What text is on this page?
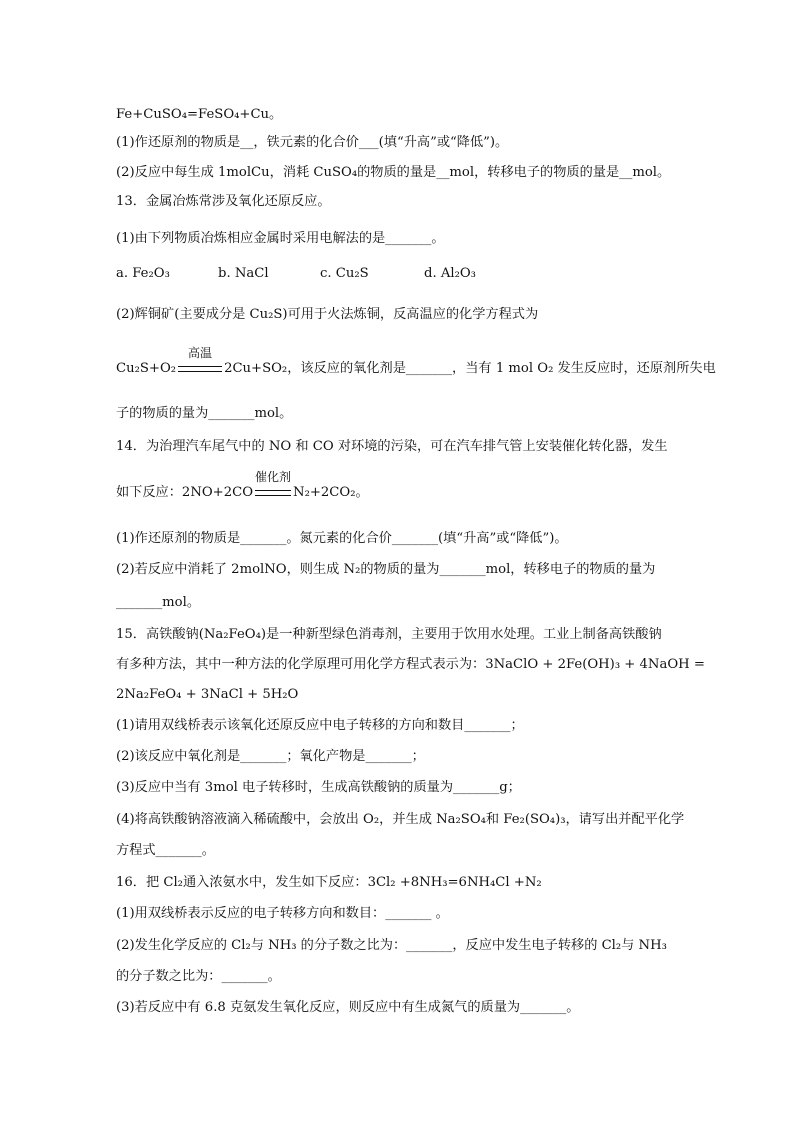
Fe+CuSO₄=FeSO₄+Cu。
(1)作还原剂的物质是__，铁元素的化合价___(填“升高”或“降低”)。
(2)反应中每生成 1molCu，消耗 CuSO₄的物质的量是__mol，转移电子的物质的量是__mol。
13．金属冶炼常涉及氧化还原反应。
(1)由下列物质冶炼相应金属时采用电解法的是_______。
a. Fe₂O₃	b. NaCl	c. Cu₂S	d. Al₂O₃
(2)辉铜矿(主要成分是 Cu₂S)可用于火法炼铜，反高温应的化学方程式为
Cu₂S+O₂
高温
2Cu+SO₂，该反应的氧化剂是_______，当有 1 mol O₂ 发生反应时，还原剂所失电
子的物质的量为_______mol。
14．为治理汽车尾气中的 NO 和 CO 对环境的污染，可在汽车排气管上安装催化转化器，发生
如下反应：2NO+2CO
催化剂
N₂+2CO₂。
(1)作还原剂的物质是_______。氮元素的化合价_______(填“升高”或“降低”)。
(2)若反应中消耗了 2molNO，则生成 N₂的物质的量为_______mol，转移电子的物质的量为
_______mol。
15．高铁酸钠(Na₂FeO₄)是一种新型绿色消毒剂，主要用于饮用水处理。工业上制备高铁酸钠
有多种方法，其中一种方法的化学原理可用化学方程式表示为：3NaClO + 2Fe(OH)₃ + 4NaOH =
2Na₂FeO₄ + 3NaCl + 5H₂O
(1)请用双线桥表示该氧化还原反应中电子转移的方向和数目_______；
(2)该反应中氧化剂是_______；氧化产物是_______；
(3)反应中当有 3mol 电子转移时，生成高铁酸钠的质量为_______g；
(4)将高铁酸钠溶液滴入稀硫酸中，会放出 O₂，并生成 Na₂SO₄和 Fe₂(SO₄)₃，请写出并配平化学
方程式_______。
16．把 Cl₂通入浓氨水中，发生如下反应：3Cl₂ +8NH₃=6NH₄Cl +N₂
(1)用双线桥表示反应的电子转移方向和数目：_______ 。
(2)发生化学反应的 Cl₂与 NH₃ 的分子数之比为：_______，反应中发生电子转移的 Cl₂与 NH₃
的分子数之比为：_______。
(3)若反应中有 6.8 克氨发生氧化反应，则反应中有生成氮气的质量为_______。
